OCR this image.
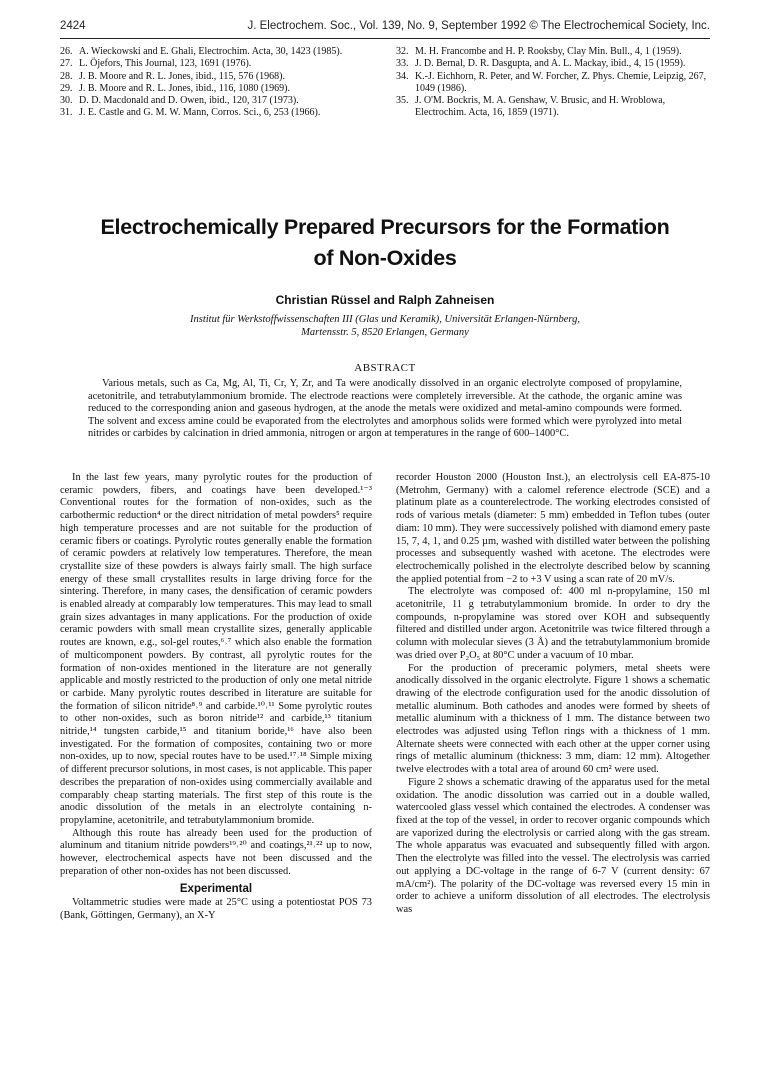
2424	J. Electrochem. Soc., Vol. 139, No. 9, September 1992 © The Electrochemical Society, Inc.
26. A. Wieckowski and E. Ghali, Electrochim. Acta, 30, 1423 (1985).
27. L. Öjefors, This Journal, 123, 1691 (1976).
28. J. B. Moore and R. L. Jones, ibid., 115, 576 (1968).
29. J. B. Moore and R. L. Jones, ibid., 116, 1080 (1969).
30. D. D. Macdonald and D. Owen, ibid., 120, 317 (1973).
31. J. E. Castle and G. M. W. Mann, Corros. Sci., 6, 253 (1966).
32. M. H. Francombe and H. P. Rooksby, Clay Min. Bull., 4, 1 (1959).
33. J. D. Bernal, D. R. Dasgupta, and A. L. Mackay, ibid., 4, 15 (1959).
34. K.-J. Eichhorn, R. Peter, and W. Forcher, Z. Phys. Chemie, Leipzig, 267, 1049 (1986).
35. J. O'M. Bockris, M. A. Genshaw, V. Brusic, and H. Wroblowa, Electrochim. Acta, 16, 1859 (1971).
Electrochemically Prepared Precursors for the Formation
of Non-Oxides
Christian Rüssel and Ralph Zahneisen
Institut für Werkstoffwissenschaften III (Glas und Keramik), Universität Erlangen-Nürnberg,
Martensstr. 5, 8520 Erlangen, Germany
ABSTRACT
Various metals, such as Ca, Mg, Al, Ti, Cr, Y, Zr, and Ta were anodically dissolved in an organic electrolyte composed of propylamine, acetonitrile, and tetrabutylammonium bromide. The electrode reactions were completely irreversible. At the cathode, the organic amine was reduced to the corresponding anion and gaseous hydrogen, at the anode the metals were oxidized and metal-amino compounds were formed. The solvent and excess amine could be evaporated from the electrolytes and amorphous solids were formed which were pyrolyzed into metal nitrides or carbides by calcination in dried ammonia, nitrogen or argon at temperatures in the range of 600–1400°C.

In the last few years, many pyrolytic routes for the production of ceramic powders, fibers, and coatings have been developed.¹⁻³ Conventional routes for the formation of non-oxides, such as the carbothermic reduction⁴ or the direct nitridation of metal powders⁵ require high temperature processes and are not suitable for the production of ceramic fibers or coatings. Pyrolytic routes generally enable the formation of ceramic powders at relatively low temperatures. Therefore, the mean crystallite size of these powders is always fairly small. The high surface energy of these small crystallites results in large driving force for the sintering. Therefore, in many cases, the densification of ceramic powders is enabled already at comparably low temperatures. This may lead to small grain sizes advantages in many applications. For the production of oxide ceramic powders with small mean crystallite sizes, generally applicable routes are known, e.g., sol-gel routes,⁶˒⁷ which also enable the formation of multicomponent powders. By contrast, all pyrolytic routes for the formation of non-oxides mentioned in the literature are not generally applicable and mostly restricted to the production of only one metal nitride or carbide. Many pyrolytic routes described in literature are suitable for the formation of silicon nitride⁸˒⁹ and carbide.¹⁰˒¹¹ Some pyrolytic routes to other non-oxides, such as boron nitride¹² and carbide,¹³ titanium nitride,¹⁴ tungsten carbide,¹⁵ and titanium boride,¹⁶ have also been investigated. For the formation of composites, containing two or more non-oxides, up to now, special routes have to be used.¹⁷˒¹⁸ Simple mixing of different precursor solutions, in most cases, is not applicable. This paper describes the preparation of non-oxides using commercially available and comparably cheap starting materials. The first step of this route is the anodic dissolution of the metals in an electrolyte containing n-propylamine, acetonitrile, and tetrabutylammonium bromide.

Although this route has already been used for the production of aluminum and titanium nitride powders¹⁹˒²⁰ and coatings,²¹˒²² up to now, however, electrochemical aspects have not been discussed and the preparation of other non-oxides has not been discussed.

Experimental

Voltammetric studies were made at 25°C using a potentiostat POS 73 (Bank, Göttingen, Germany), an X-Y

recorder Houston 2000 (Houston Inst.), an electrolysis cell EA-875-10 (Metrohm, Germany) with a calomel reference electrode (SCE) and a platinum plate as a counterelectrode. The working electrodes consisted of rods of various metals (diameter: 5 mm) embedded in Teflon tubes (outer diam: 10 mm). They were successively polished with diamond emery paste 15, 7, 4, 1, and 0.25 µm, washed with distilled water between the polishing processes and subsequently washed with acetone. The electrodes were electrochemically polished in the electrolyte described below by scanning the applied potential from −2 to +3 V using a scan rate of 20 mV/s.

The electrolyte was composed of: 400 ml n-propylamine, 150 ml acetonitrile, 11 g tetrabutylammonium bromide. In order to dry the compounds, n-propylamine was stored over KOH and subsequently filtered and distilled under argon. Acetonitrile was twice filtered through a column with molecular sieves (3 Å) and the tetrabutylammonium bromide was dried over P₂O₅ at 80°C under a vacuum of 10 mbar.

For the production of preceramic polymers, metal sheets were anodically dissolved in the organic electrolyte. Figure 1 shows a schematic drawing of the electrode configuration used for the anodic dissolution of metallic aluminum. Both cathodes and anodes were formed by sheets of metallic aluminum with a thickness of 1 mm. The distance between two electrodes was adjusted using Teflon rings with a thickness of 1 mm. Alternate sheets were connected with each other at the upper corner using rings of metallic aluminum (thickness: 3 mm, diam: 12 mm). Altogether twelve electrodes with a total area of around 60 cm² were used.

Figure 2 shows a schematic drawing of the apparatus used for the metal oxidation. The anodic dissolution was carried out in a double walled, watercooled glass vessel which contained the electrodes. A condenser was fixed at the top of the vessel, in order to recover organic compounds which are vaporized during the electrolysis or carried along with the gas stream. The whole apparatus was evacuated and subsequently filled with argon. Then the electrolyte was filled into the vessel. The electrolysis was carried out applying a DC-voltage in the range of 6-7 V (current density: 67 mA/cm²). The polarity of the DC-voltage was reversed every 15 min in order to achieve a uniform dissolution of all electrodes. The electrolysis was
